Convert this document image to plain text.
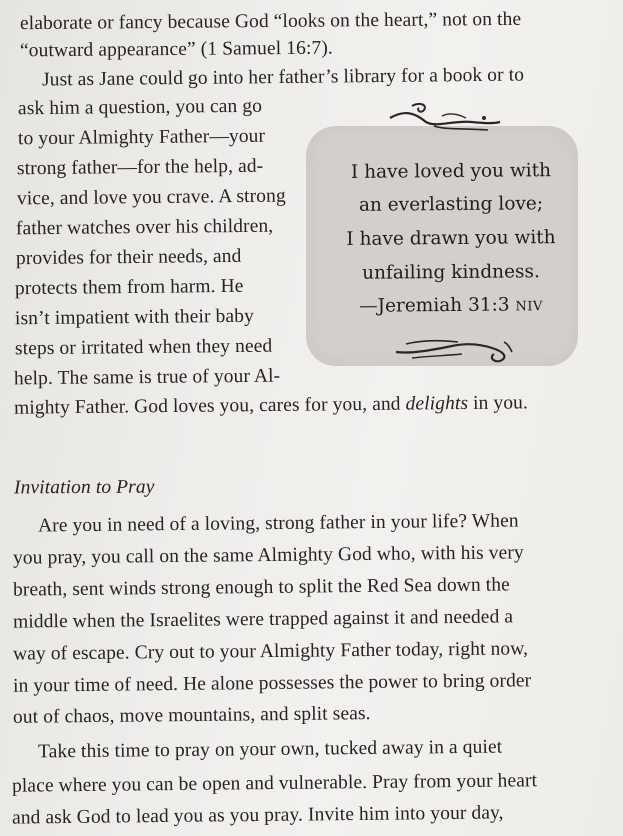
elaborate or fancy because God “looks on the heart,” not on the
“outward appearance” (1 Samuel 16:7).
Just as Jane could go into her father’s library for a book or to
ask him a question, you can go
to your Almighty Father—your
strong father—for the help, ad-
vice, and love you crave. A strong
father watches over his children,
provides for their needs, and
protects them from harm. He
isn’t impatient with their baby
steps or irritated when they need
help. The same is true of your Al-
mighty Father. God loves you, cares for you, and delights in you.
I have loved you with
an everlasting love;
I have drawn you with
unfailing kindness.
—Jeremiah 31:3 NIV
Invitation to Pray
Are you in need of a loving, strong father in your life? When
you pray, you call on the same Almighty God who, with his very
breath, sent winds strong enough to split the Red Sea down the
middle when the Israelites were trapped against it and needed a
way of escape. Cry out to your Almighty Father today, right now,
in your time of need. He alone possesses the power to bring order
out of chaos, move mountains, and split seas.
Take this time to pray on your own, tucked away in a quiet
place where you can be open and vulnerable. Pray from your heart
and ask God to lead you as you pray. Invite him into your day,
